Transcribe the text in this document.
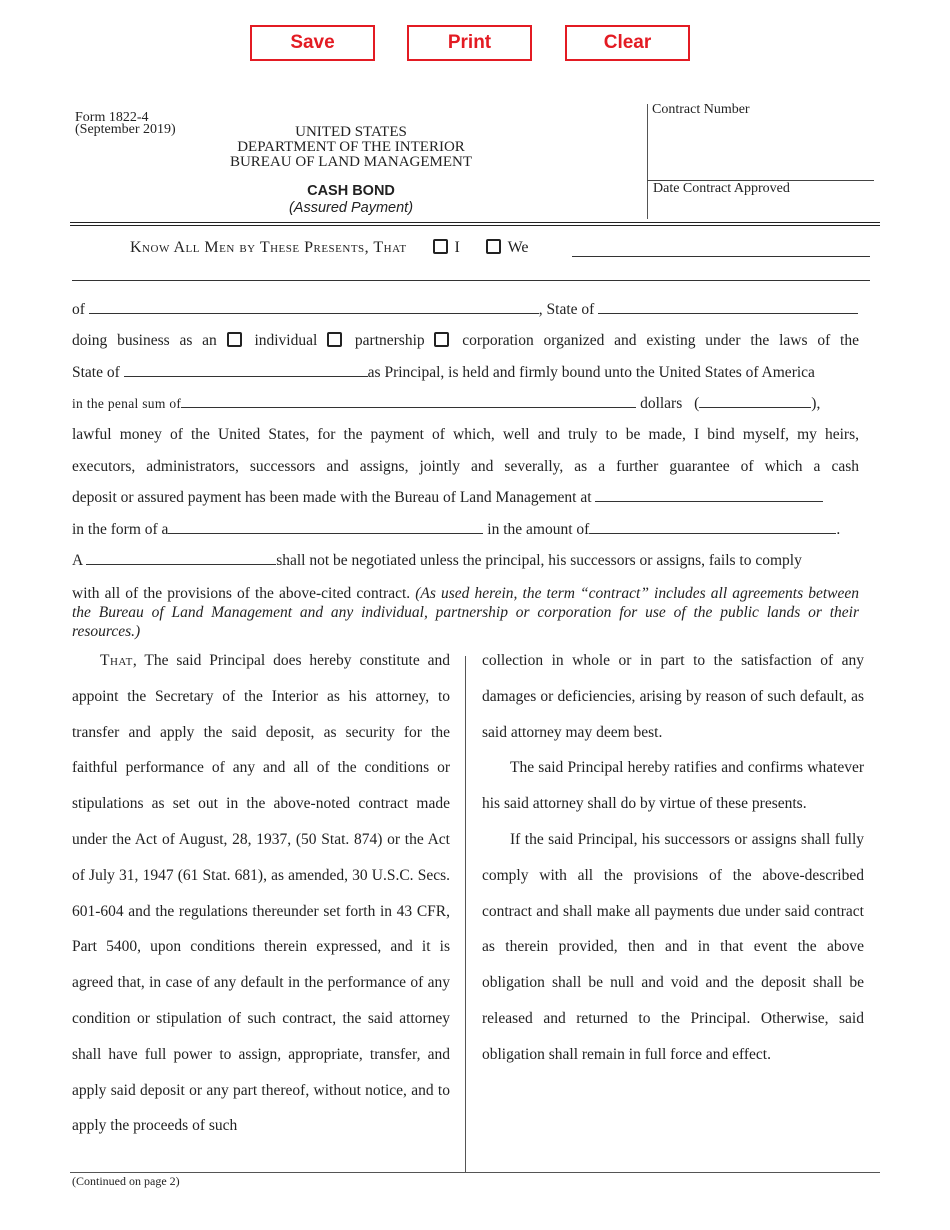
Save	Print	Clear
Form 1822-4
(September 2019)	UNITED STATES
DEPARTMENT OF THE INTERIOR
BUREAU OF LAND MANAGEMENT
CASH BOND
(Assured Payment)
Contract Number
Date Contract Approved
Know All Men by These Presents, That	I	We
of	, State of
doing business as an individual partnership corporation organized and existing under the laws of the
State of	as Principal, is held and firmly bound unto the United States of America
in the penal sum of	dollars (	),
lawful money of the United States, for the payment of which, well and truly to be made, I bind myself, my heirs,
executors, administrators, successors and assigns, jointly and severally, as a further guarantee of which a cash
deposit or assured payment has been made with the Bureau of Land Management at
in the form of a	in the amount of	.
A	shall not be negotiated unless the principal, his successors or assigns, fails to comply
with all of the provisions of the above-cited contract. (As used herein, the term “contract” includes all agreements between the Bureau of Land Management and any individual, partnership or corporation for use of the public lands or their resources.)

That, The said Principal does hereby constitute and appoint the Secretary of the Interior as his attorney, to transfer and apply the said deposit, as security for the faithful performance of any and all of the conditions or stipulations as set out in the above-noted contract made under the Act of August, 28, 1937, (50 Stat. 874) or the Act of July 31, 1947 (61 Stat. 681), as amended, 30 U.S.C. Secs. 601-604 and the regulations thereunder set forth in 43 CFR, Part 5400, upon conditions therein expressed, and it is agreed that, in case of any default in the performance of any condition or stipulation of such contract, the said attorney shall have full power to assign, appropriate, transfer, and apply said deposit or any part thereof, without notice, and to apply the proceeds of such

collection in whole or in part to the satisfaction of any damages or deficiencies, arising by reason of such default, as said attorney may deem best.

The said Principal hereby ratifies and confirms whatever his said attorney shall do by virtue of these presents.

If the said Principal, his successors or assigns shall fully comply with all the provisions of the above-described contract and shall make all payments due under said contract as therein provided, then and in that event the above obligation shall be null and void and the deposit shall be released and returned to the Principal. Otherwise, said obligation shall remain in full force and effect.

(Continued on page 2)
